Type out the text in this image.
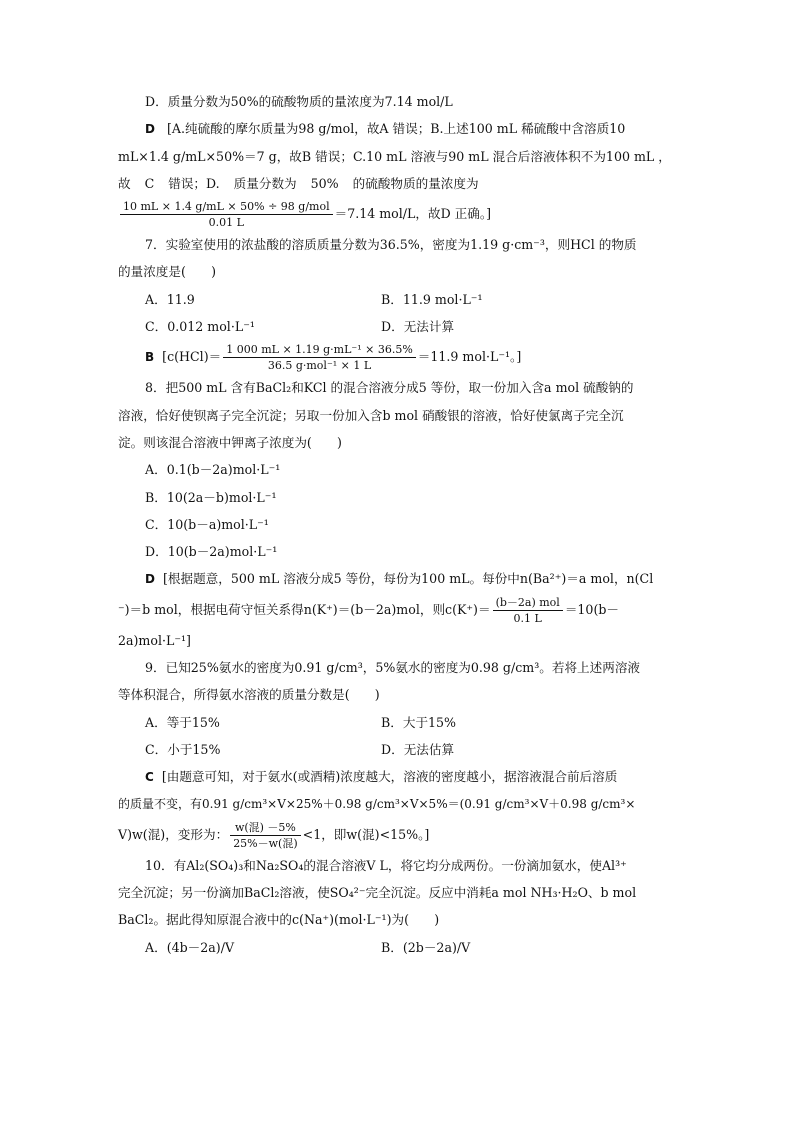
D．质量分数为50%的硫酸物质的量浓度为7.14 mol/L
D [A.纯硫酸的摩尔质量为98 g/mol，故A 错误；B.上述100 mL 稀硫酸中含溶质10
mL×1.4 g/mL×50%＝7 g，故B 错误；C.10 mL 溶液与90 mL 混合后溶液体积不为100 mL ，
故 C 错误；D. 质量分数为 50% 的硫酸物质的量浓度为
$\frac{\text{10 mL × 1.4 g/mL × 50\% ÷ 98 g/mol}}{0.01 L} =7.14$ mol/L，故D 正确。]
7．实验室使用的浓盐酸的溶质质量分数为36.5%，密度为1.19 g·cm⁻³，则HCl 的物质
的量浓度是(　　)
A．11.9	B．11.9 mol·L⁻¹
C．0.012 mol·L⁻¹	D．无法计算
B [$c(HCl)= \frac{\text{1 000 mL × 1.19 g·mL⁻¹ × 36.5\%}}{\text{36.5 g·mol⁻¹ × 1 L}} =11.9$ mol·L⁻¹。]
8．把500 mL 含有BaCl₂和KCl 的混合溶液分成5 等份，取一份加入含a mol 硫酸钠的
溶液，恰好使钡离子完全沉淀；另取一份加入含b mol 硝酸银的溶液，恰好使氯离子完全沉
淀。则该混合溶液中钾离子浓度为(　　)
A．0.1(b－2a)mol·L⁻¹
B．10(2a－b)mol·L⁻¹
C．10(b－a)mol·L⁻¹
D．10(b－2a)mol·L⁻¹
D [根据题意，500 mL 溶液分成5 等份，每份为100 mL。每份中n(Ba²⁺)＝a mol，n(Cl
⁻)＝b mol，根据电荷守恒关系得n(K⁺)＝(b－2a)mol，则$c(K^+)= \frac{\text{(b－2a) mol}}{0.1 L} =10(b-$
2a)mol·L⁻¹]
9．已知25%氨水的密度为0.91 g/cm³，5%氨水的密度为0.98 g/cm³。若将上述两溶液
等体积混合，所得氨水溶液的质量分数是(　　)
A．等于15%	B．大于15%
C．小于15%	D．无法估算
C [由题意可知，对于氨水(或酒精)浓度越大，溶液的密度越小，据溶液混合前后溶质
的质量不变，有0.91 g/cm³×V×25%＋0.98 g/cm³×V×5%＝(0.91 g/cm³×V＋0.98 g/cm³×
V)w(混)，变形为： $\frac{\text{w(混) －5\%}}{\text{25\%－w(混)}} <1$，即w(混)<15%。]
10．有Al₂(SO₄)₃和Na₂SO₄的混合溶液V L，将它均分成两份。一份滴加氨水，使Al³⁺
完全沉淀；另一份滴加BaCl₂溶液，使SO₄²⁻完全沉淀。反应中消耗a mol NH₃·H₂O、b mol
BaCl₂。据此得知原混合液中的c(Na⁺)(mol·L⁻¹)为(　　)
A．(4b－2a)/V	B．(2b－2a)/V
